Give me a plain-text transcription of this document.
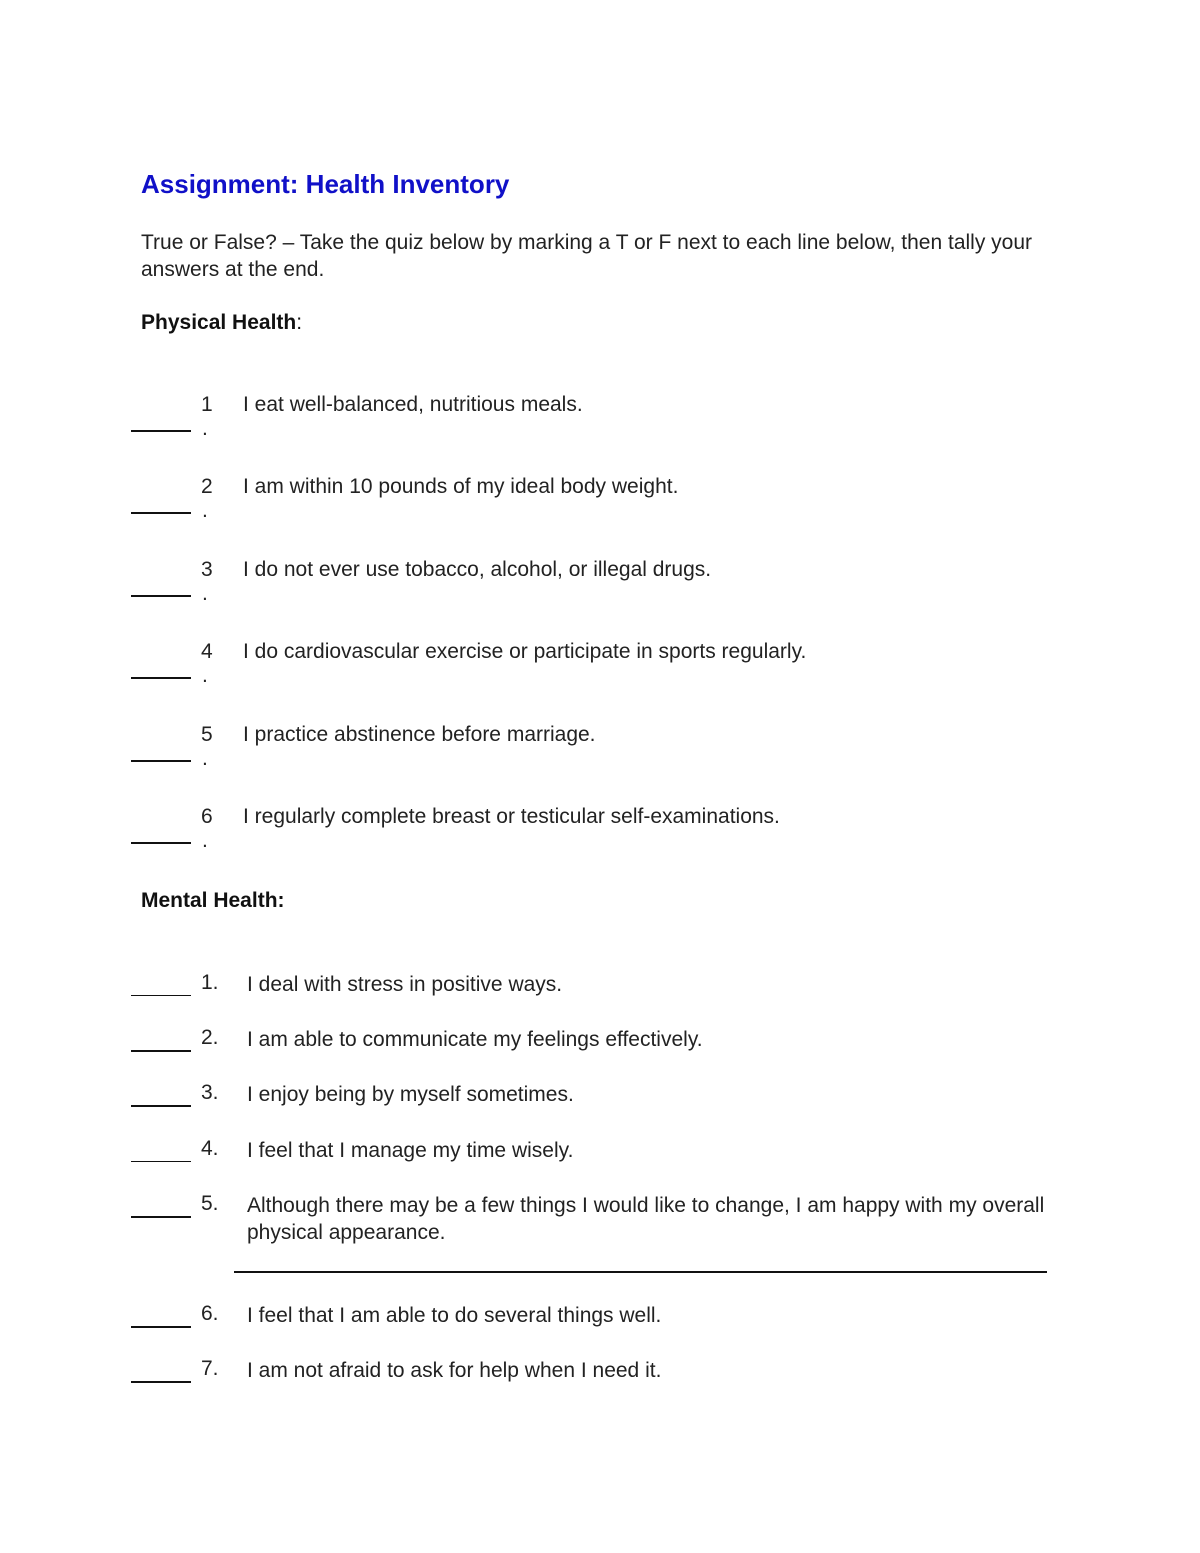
Assignment: Health Inventory
True or False? – Take the quiz below by marking a T or F next to each line below, then tally your answers at the end.
Physical Health:
1
.
I eat well-balanced, nutritious meals.
2
.
I am within 10 pounds of my ideal body weight.
3
.
I do not ever use tobacco, alcohol, or illegal drugs.
4
.
I do cardiovascular exercise or participate in sports regularly.
5
.
I practice abstinence before marriage.
6
.
I regularly complete breast or testicular self-examinations.
Mental Health:
1. I deal with stress in positive ways.
2. I am able to communicate my feelings effectively.
3. I enjoy being by myself sometimes.
4. I feel that I manage my time wisely.
5. Although there may be a few things I would like to change, I am happy with my overall physical appearance.
6. I feel that I am able to do several things well.
7. I am not afraid to ask for help when I need it.
